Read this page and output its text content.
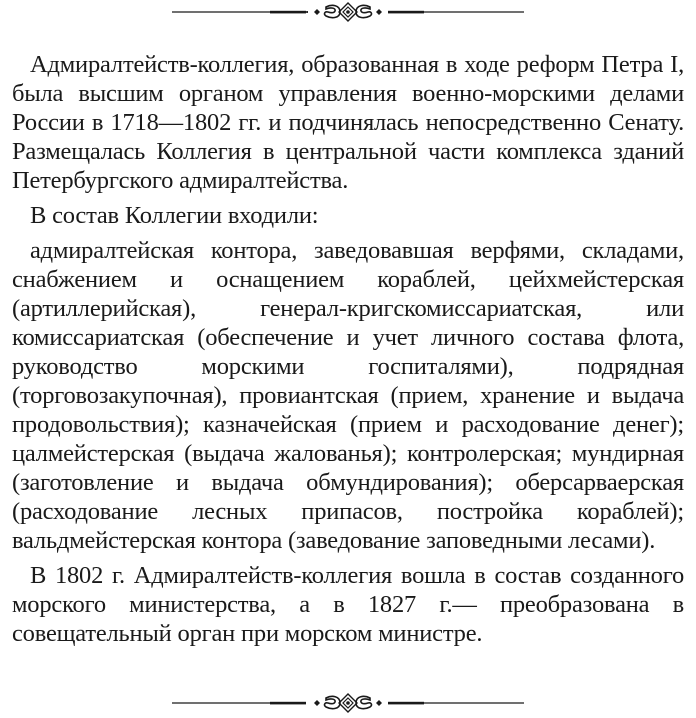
Адмиралтейств-коллегия, образованная в ходе реформ Петра I, была высшим органом управления военно-морскими делами России в 1718—1802 гг. и подчинялась непосредственно Сенату. Размещалась Коллегия в центральной части комплекса зданий Петербургского адмиралтейства.

В состав Коллегии входили:

адмиралтейская контора, заведовавшая верфями, складами, снабжением и оснащением кораблей, цейхмейстерская (артиллерийская), генерал-кригскомиссариатская, или комиссариатская (обеспечение и учет личного состава флота, руководство морскими госпиталями), подрядная (торговозакупочная), провиантская (прием, хранение и выдача продовольствия); казначейская (прием и расходование денег); цалмейстерская (выдача жалованья); контролерская; мундирная (заготовление и выдача обмундирования); оберсарваерская (расходование лесных припасов, постройка кораблей); вальдмейстерская контора (заведование заповедными лесами).

В 1802 г. Адмиралтейств-коллегия вошла в состав созданного морского министерства, а в 1827 г.— преобразована в совещательный орган при морском министре.
